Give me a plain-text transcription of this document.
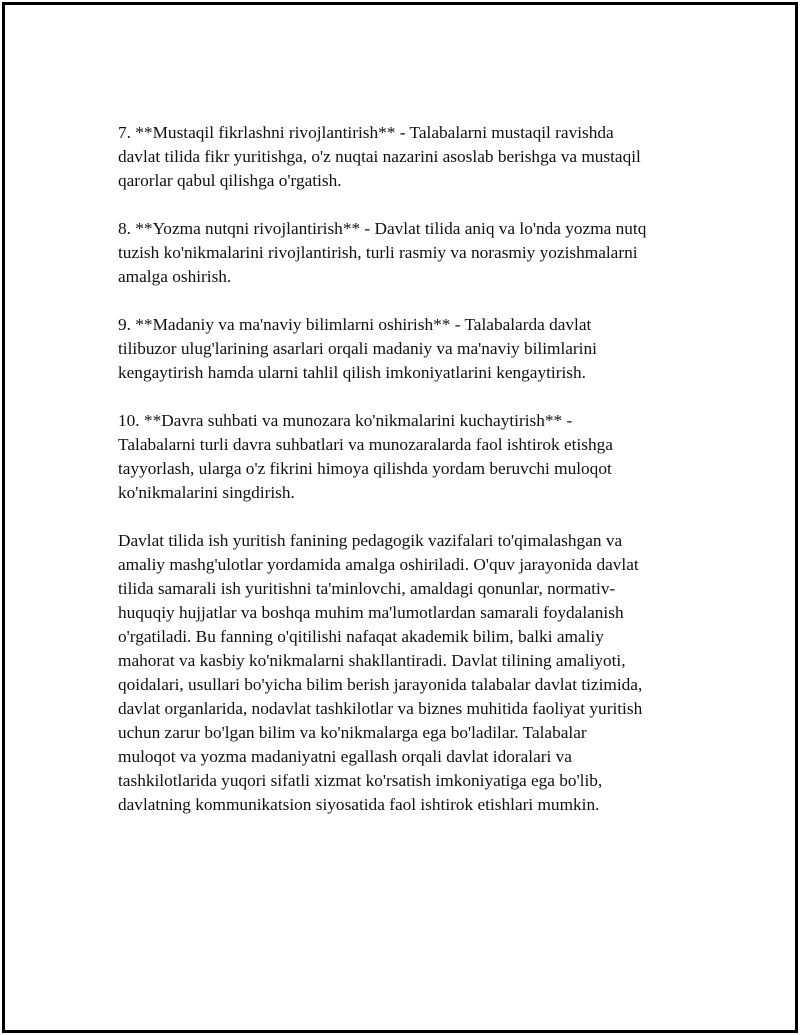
7. **Mustaqil fikrlashni rivojlantirish** - Talabalarni mustaqil ravishda
davlat tilida fikr yuritishga, o'z nuqtai nazarini asoslab berishga va mustaqil
qarorlar qabul qilishga o'rgatish.

8. **Yozma nutqni rivojlantirish** - Davlat tilida aniq va lo'nda yozma nutq
tuzish ko'nikmalarini rivojlantirish, turli rasmiy va norasmiy yozishmalarni
amalga oshirish.

9. **Madaniy va ma'naviy bilimlarni oshirish** - Talabalarda davlat
tilibuzor ulug'larining asarlari orqali madaniy va ma'naviy bilimlarini
kengaytirish hamda ularni tahlil qilish imkoniyatlarini kengaytirish.

10. **Davra suhbati va munozara ko'nikmalarini kuchaytirish** -
Talabalarni turli davra suhbatlari va munozaralarda faol ishtirok etishga
tayyorlash, ularga o'z fikrini himoya qilishda yordam beruvchi muloqot
ko'nikmalarini singdirish.

Davlat tilida ish yuritish fanining pedagogik vazifalari to'qimalashgan va
amaliy mashg'ulotlar yordamida amalga oshiriladi. O'quv jarayonida davlat
tilida samarali ish yuritishni ta'minlovchi, amaldagi qonunlar, normativ-
huquqiy hujjatlar va boshqa muhim ma'lumotlardan samarali foydalanish
o'rgatiladi. Bu fanning o'qitilishi nafaqat akademik bilim, balki amaliy
mahorat va kasbiy ko'nikmalarni shakllantiradi. Davlat tilining amaliyoti,
qoidalari, usullari bo'yicha bilim berish jarayonida talabalar davlat tizimida,
davlat organlarida, nodavlat tashkilotlar va biznes muhitida faoliyat yuritish
uchun zarur bo'lgan bilim va ko'nikmalarga ega bo'ladilar. Talabalar
muloqot va yozma madaniyatni egallash orqali davlat idoralari va
tashkilotlarida yuqori sifatli xizmat ko'rsatish imkoniyatiga ega bo'lib,
davlatning kommunikatsion siyosatida faol ishtirok etishlari mumkin.
